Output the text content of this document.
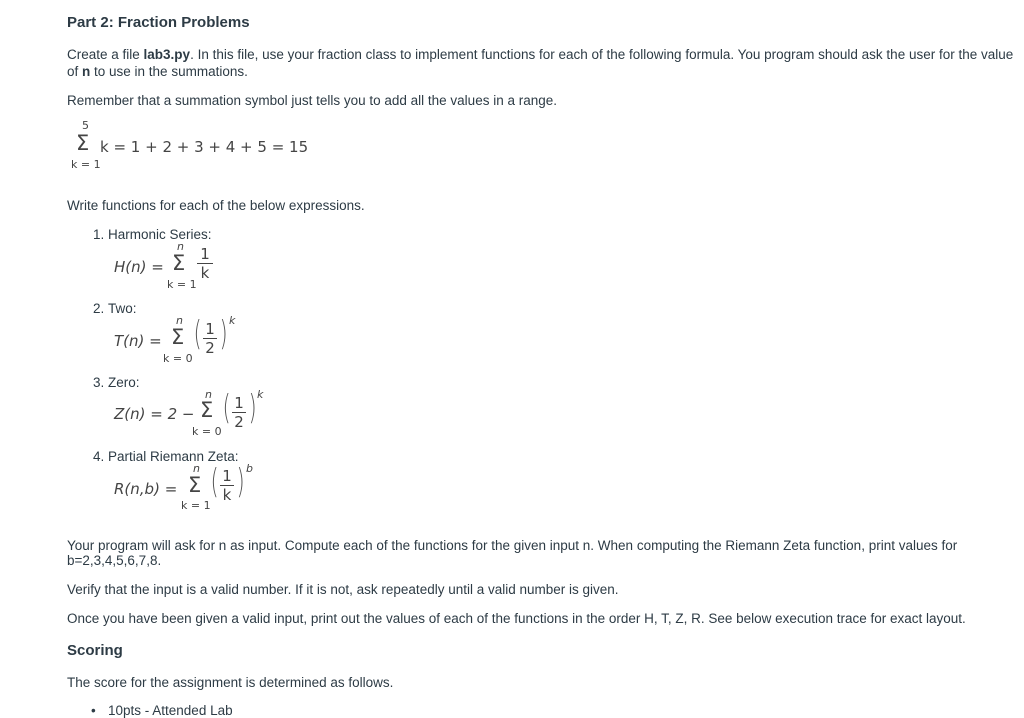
Part 2: Fraction Problems
Create a file lab3.py. In this file, use your fraction class to implement functions for each of the following formula. You program should ask the user for the value
of n to use in the summations.
Remember that a summation symbol just tells you to add all the values in a range.
5
Σ
k = 1
k = 1 + 2 + 3 + 4 + 5 = 15
Write functions for each of the below expressions.
1. Harmonic Series:
H(n) =
n
Σ
k = 1
$\frac{1}{k}$
2. Two:
T(n) =
n
Σ
k = 0
( $\frac{1}{2}$ ) k
3. Zero:
Z(n) = 2 −
n
Σ
k = 0
( $\frac{1}{2}$ ) k
4. Partial Riemann Zeta:
R(n,b) =
n
Σ
k = 1
( $\frac{1}{k}$ ) b
Your program will ask for n as input. Compute each of the functions for the given input n. When computing the Riemann Zeta function, print values for
b=2,3,4,5,6,7,8.
Verify that the input is a valid number. If it is not, ask repeatedly until a valid number is given.
Once you have been given a valid input, print out the values of each of the functions in the order H, T, Z, R. See below execution trace for exact layout.
Scoring
The score for the assignment is determined as follows.
• 10pts - Attended Lab
